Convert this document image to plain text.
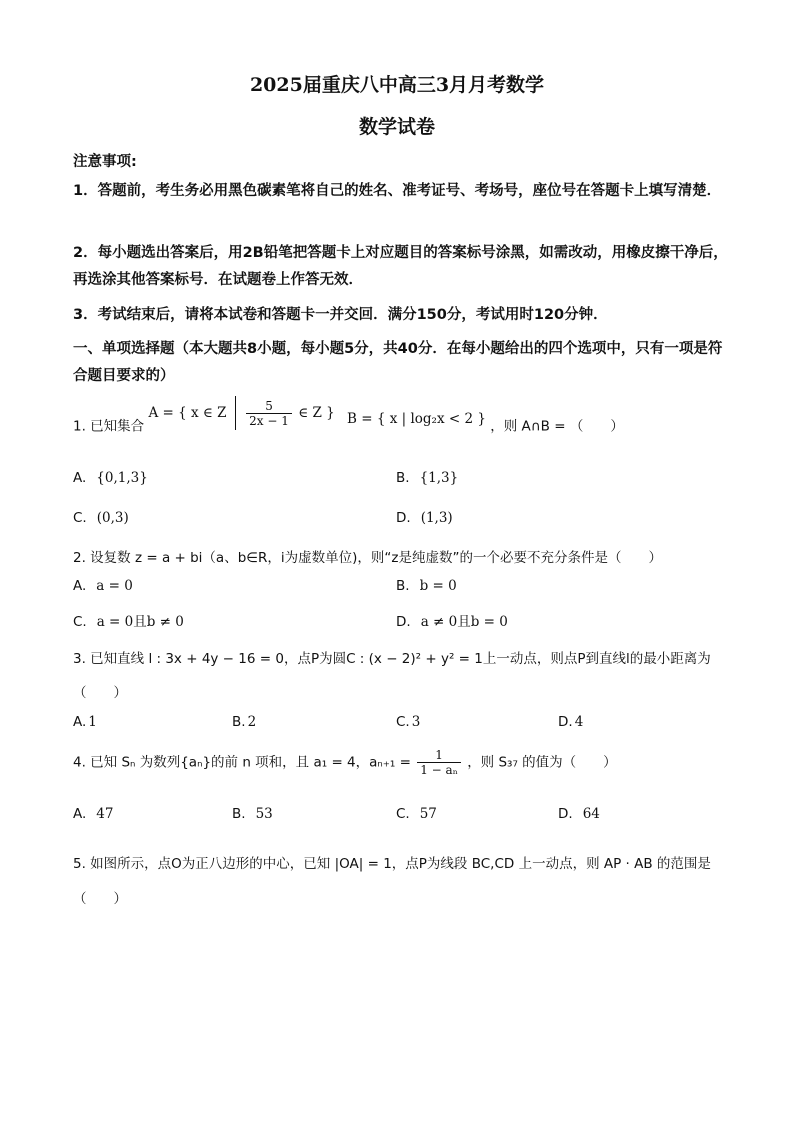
2025届重庆八中高三3月月考数学
数学试卷
注意事项:
1．答题前，考生务必用黑色碳素笔将自己的姓名、准考证号、考场号，座位号在答题卡上填写清楚．
2．每小题选出答案后，用2B铅笔把答题卡上对应题目的答案标号涂黑，如需改动，用橡皮擦干净后，再选涂其他答案标号．在试题卷上作答无效．
3．考试结束后，请将本试卷和答题卡一并交回．满分150分，考试用时120分钟．
一、单项选择题（本大题共8小题，每小题5分，共40分．在每小题给出的四个选项中，只有一项是符合题目要求的）
1. 已知集合 A = { x ∈ Z $\frac{5}{2x - 1}$ ∈ Z } B = { x | log₂x < 2 } ，则 A∩B = （　　）
A. {0,1,3}	B. {1,3}
C. (0,3)	D. (1,3)
2. 设复数 z = a + bi（a、b∈R，i为虚数单位)，则“z是纯虚数”的一个必要不充分条件是（　　）
A. a = 0	B. b = 0
C. a = 0且b ≠ 0	D. a ≠ 0且b = 0
3. 已知直线 l : 3x + 4y − 16 = 0，点P为圆C : (x − 2)² + y² = 1上一动点，则点P到直线l的最小距离为
（　　）
A. 1	B. 2	C. 3	D. 4
4. 已知 Sₙ 为数列{aₙ}的前 n 项和，且 a₁ = 4，$a_{n+1} = \frac{1}{\text{1 − aₙ}}$ ，则 S₃₇ 的值为（　　）
A. 47	B. 53	C. 57	D. 64
5. 如图所示，点O为正八边形的中心，已知 |OA| = 1，点P为线段 BC,CD 上一动点，则 AP · AB 的范围是
（　　）
